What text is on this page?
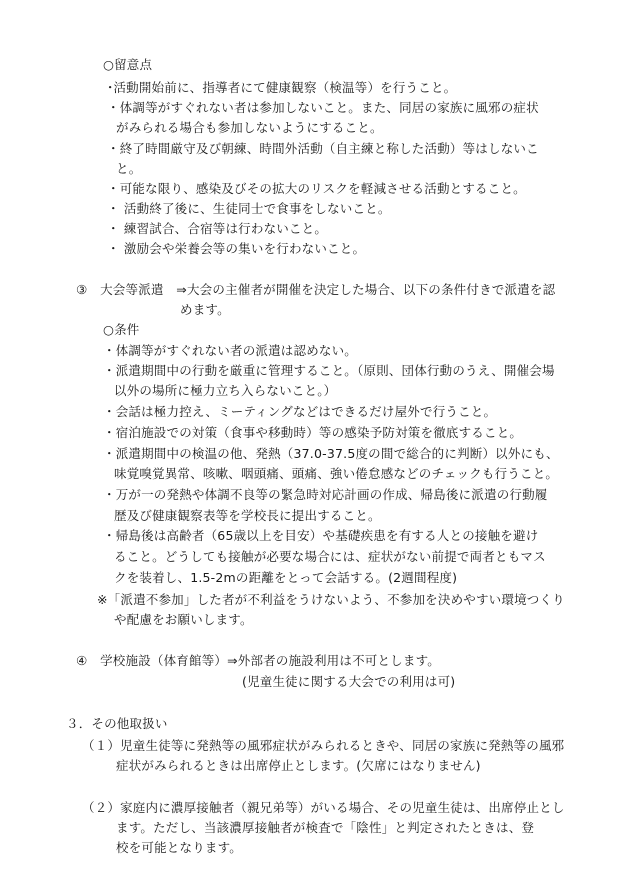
○留意点
･活動開始前に、指導者にて健康観察（検温等）を行うこと。
・体調等がすぐれない者は参加しないこと。また、同居の家族に風邪の症状
がみられる場合も参加しないようにすること。
・終了時間厳守及び朝練、時間外活動（自主練と称した活動）等はしないこ
と。
・可能な限り、感染及びその拡大のリスクを軽減させる活動とすること。
・ 活動終了後に、生徒同士で食事をしないこと。
・ 練習試合、合宿等は行わないこと。
・ 激励会や栄養会等の集いを行わないこと。
③　大会等派遣　⇒大会の主催者が開催を決定した場合、以下の条件付きで派遣を認
めます。
○条件
・体調等がすぐれない者の派遣は認めない。
・派遣期間中の行動を厳重に管理すること。（原則、団体行動のうえ、開催会場
以外の場所に極力立ち入らないこと。）
・会話は極力控え、ミーティングなどはできるだけ屋外で行うこと。
・宿泊施設での対策（食事や移動時）等の感染予防対策を徹底すること。
・派遣期間中の検温の他、発熱（37.0-37.5度の間で総合的に判断）以外にも、
味覚嗅覚異常、咳嗽、咽頭痛、頭痛、強い倦怠感などのチェックも行うこと。
・万が一の発熱や体調不良等の緊急時対応計画の作成、帰島後に派遣の行動履
歴及び健康観察表等を学校長に提出すること。
・帰島後は高齢者（65歳以上を目安）や基礎疾患を有する人との接触を避け
ること。どうしても接触が必要な場合には、症状がない前提で両者ともマス
クを装着し、1.5-2mの距離をとって会話する。(2週間程度)
※「派遣不参加」した者が不利益をうけないよう、不参加を決めやすい環境つくり
や配慮をお願いします。
④　学校施設（体育館等）⇒外部者の施設利用は不可とします。
(児童生徒に関する大会での利用は可)
３．その他取扱い
（１）児童生徒等に発熱等の風邪症状がみられるときや、同居の家族に発熱等の風邪
症状がみられるときは出席停止とします。(欠席にはなりません)
（２）家庭内に濃厚接触者（親兄弟等）がいる場合、その児童生徒は、出席停止とし
ます。ただし、当該濃厚接触者が検査で「陰性」と判定されたときは、登
校を可能となります。
